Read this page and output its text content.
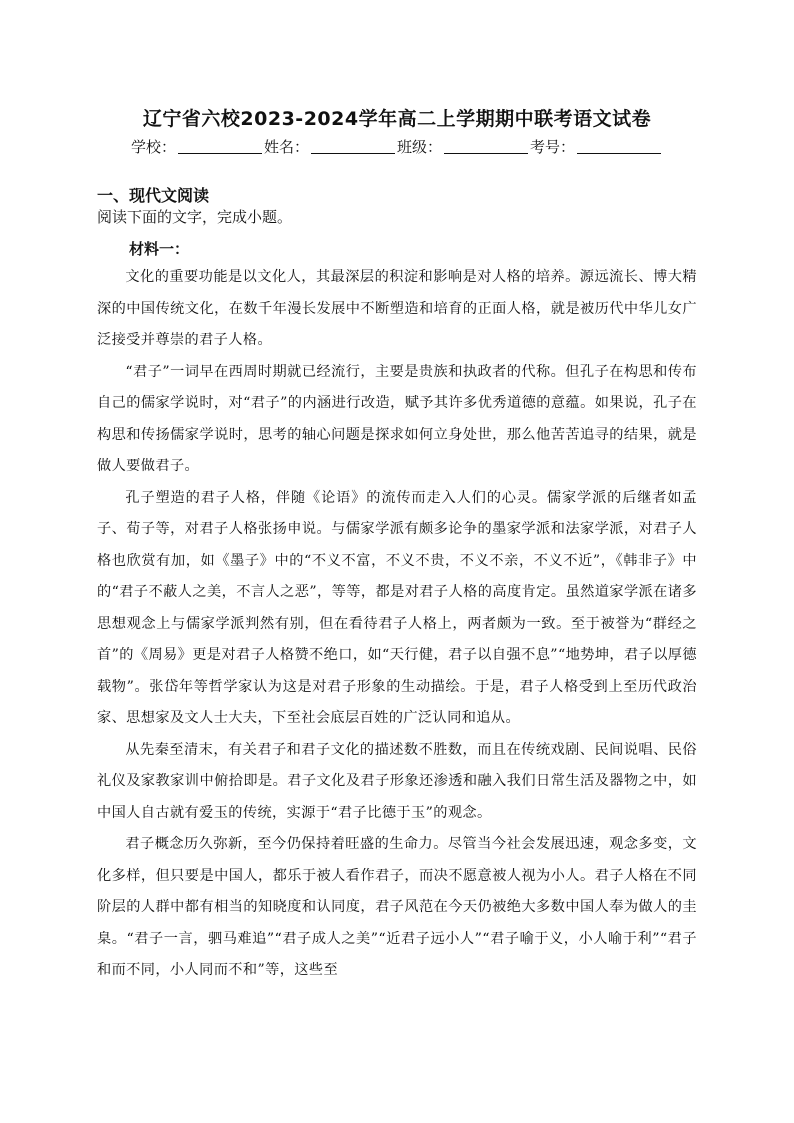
辽宁省六校2023-2024学年高二上学期期中联考语文试卷
学校：	姓名：	班级：	考号：
一、现代文阅读
阅读下面的文字，完成小题。
材料一：

文化的重要功能是以文化人，其最深层的积淀和影响是对人格的培养。源远流长、博大精深的中国传统文化，在数千年漫长发展中不断塑造和培育的正面人格，就是被历代中华儿女广泛接受并尊崇的君子人格。

“君子”一词早在西周时期就已经流行，主要是贵族和执政者的代称。但孔子在构思和传布自己的儒家学说时，对“君子”的内涵进行改造，赋予其许多优秀道德的意蕴。如果说，孔子在构思和传扬儒家学说时，思考的轴心问题是探求如何立身处世，那么他苦苦追寻的结果，就是做人要做君子。

孔子塑造的君子人格，伴随《论语》的流传而走入人们的心灵。儒家学派的后继者如孟子、荀子等，对君子人格张扬申说。与儒家学派有颇多论争的墨家学派和法家学派，对君子人格也欣赏有加，如《墨子》中的“不义不富，不义不贵，不义不亲，不义不近”，《韩非子》中的“君子不蔽人之美，不言人之恶”，等等，都是对君子人格的高度肯定。虽然道家学派在诸多思想观念上与儒家学派判然有别，但在看待君子人格上，两者颇为一致。至于被誉为“群经之首”的《周易》更是对君子人格赞不绝口，如“天行健，君子以自强不息”“地势坤，君子以厚德载物”。张岱年等哲学家认为这是对君子形象的生动描绘。于是，君子人格受到上至历代政治家、思想家及文人士大夫，下至社会底层百姓的广泛认同和追从。

从先秦至清末，有关君子和君子文化的描述数不胜数，而且在传统戏剧、民间说唱、民俗礼仪及家教家训中俯拾即是。君子文化及君子形象还渗透和融入我们日常生活及器物之中，如中国人自古就有爱玉的传统，实源于“君子比德于玉”的观念。

君子概念历久弥新，至今仍保持着旺盛的生命力。尽管当今社会发展迅速，观念多变，文化多样，但只要是中国人，都乐于被人看作君子，而决不愿意被人视为小人。君子人格在不同阶层的人群中都有相当的知晓度和认同度，君子风范在今天仍被绝大多数中国人奉为做人的圭臬。“君子一言，驷马难追”“君子成人之美”“近君子远小人”“君子喻于义，小人喻于利”“君子和而不同，小人同而不和”等，这些至
